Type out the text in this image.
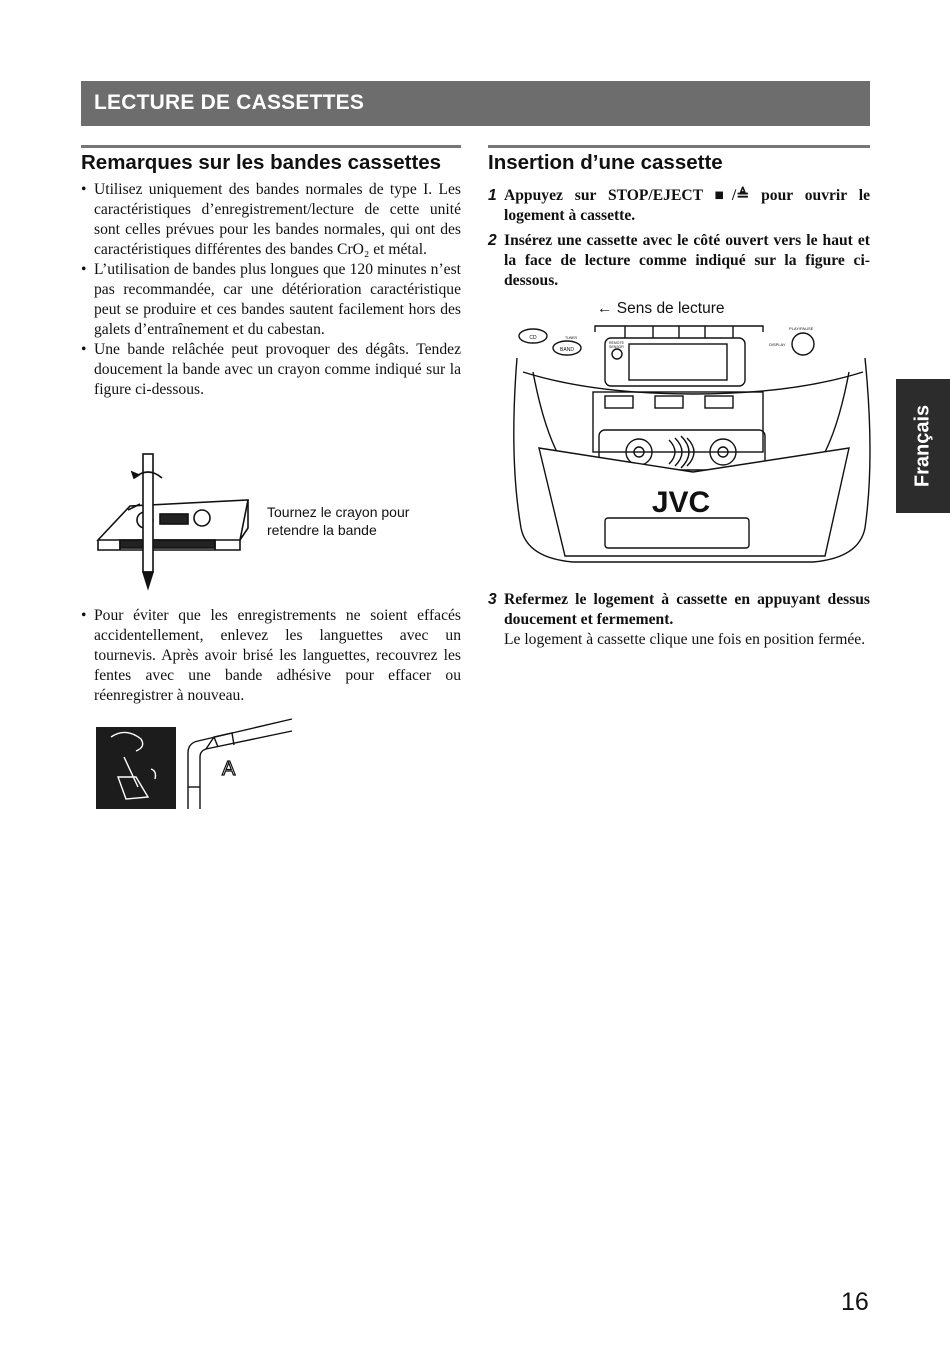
LECTURE DE CASSETTES
Remarques sur les bandes cassettes
• Utilisez uniquement des bandes normales de type I. Les caractéristiques d’enregistrement/lecture de cette unité sont celles prévues pour les bandes normales, qui ont des caractéristiques différentes des bandes CrO₂ et métal.
• L’utilisation de bandes plus longues que 120 minutes n’est pas recommandée, car une détérioration caractéristique peut se produire et ces bandes sautent facilement hors des galets d’entraînement et du cabestan.
• Une bande relâchée peut provoquer des dégâts. Tendez doucement la bande avec un crayon comme indiqué sur la figure ci-dessous.
Tournez le crayon pour
retendre la bande
• Pour éviter que les enregistrements ne soient effacés accidentellement, enlevez les languettes avec un tournevis. Après avoir brisé les languettes, recouvrez les fentes avec une bande adhésive pour effacer ou réenregistrer à nouveau.
A
Insertion d’une cassette
1 Appuyez sur STOP/EJECT ■/≜ pour ouvrir le logement à cassette.
2 Insérez une cassette avec le côté ouvert vers le haut et la face de lecture comme indiqué sur la figure ci-dessous.
← Sens de lecture
CD
BAND
TUNER
REMOTE
SENSOR	DISPLAY
PLAY/PAUSE
JVC
3 Refermez le logement à cassette en appuyant dessus doucement et fermement.
Le logement à cassette clique une fois en position fermée.
Français
16
